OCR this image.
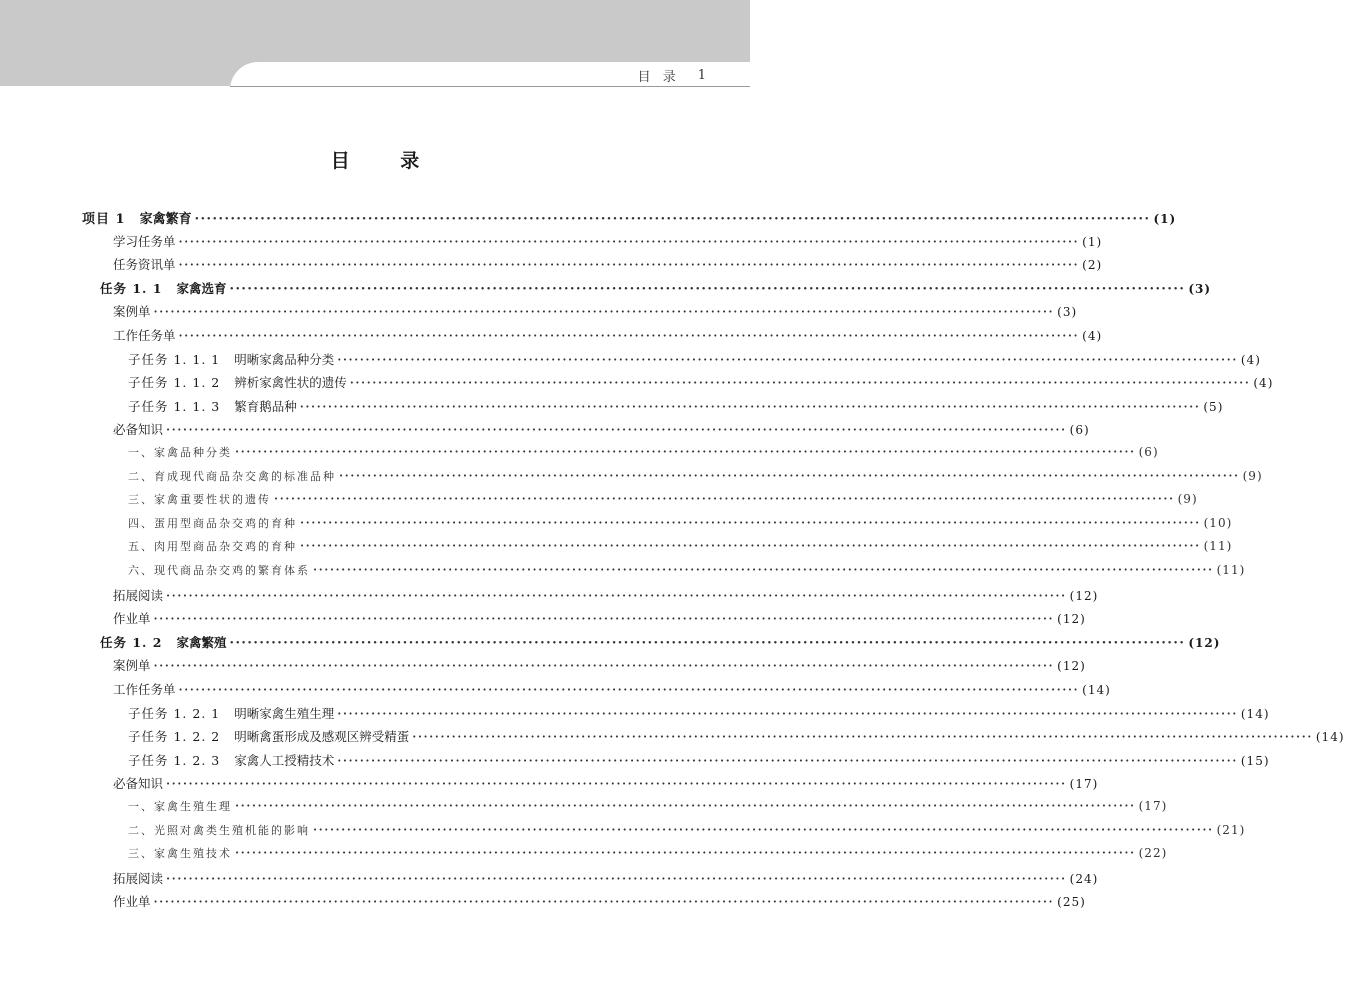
目 录 1
目 录
项目 1 家禽繁育 •••••••••••••••••••••••••••••••••••••••••••••••••••••••••••••••••••••••••••••••••••••••••••••••••••••••••••••••••••••••••••••••••••••••••••••••••••••••••••••••• (1)
学习任务单 •••••••••••••••••••••••••••••••••••••••••••••••••••••••••••••••••••••••••••••••••••••••••••••••••••••••••••••••••••••••••••••••••••••••••••••••••••••••••••••••• (1)
任务资讯单 •••••••••••••••••••••••••••••••••••••••••••••••••••••••••••••••••••••••••••••••••••••••••••••••••••••••••••••••••••••••••••••••••••••••••••••••••••••••••••••••• (2)
任务 1. 1 家禽选育 •••••••••••••••••••••••••••••••••••••••••••••••••••••••••••••••••••••••••••••••••••••••••••••••••••••••••••••••••••••••••••••••••••••••••••••••••••••••••••••••• (3)
案例单 •••••••••••••••••••••••••••••••••••••••••••••••••••••••••••••••••••••••••••••••••••••••••••••••••••••••••••••••••••••••••••••••••••••••••••••••••••••••••••••••• (3)
工作任务单 •••••••••••••••••••••••••••••••••••••••••••••••••••••••••••••••••••••••••••••••••••••••••••••••••••••••••••••••••••••••••••••••••••••••••••••••••••••••••••••••• (4)
子任务 1. 1. 1 明晰家禽品种分类 •••••••••••••••••••••••••••••••••••••••••••••••••••••••••••••••••••••••••••••••••••••••••••••••••••••••••••••••••••••••••••••••••••••••••••••••••••••••••••••••• (4)
子任务 1. 1. 2 辨析家禽性状的遗传 •••••••••••••••••••••••••••••••••••••••••••••••••••••••••••••••••••••••••••••••••••••••••••••••••••••••••••••••••••••••••••••••••••••••••••••••••••••••••••••••• (4)
子任务 1. 1. 3 繁育鹅品种 •••••••••••••••••••••••••••••••••••••••••••••••••••••••••••••••••••••••••••••••••••••••••••••••••••••••••••••••••••••••••••••••••••••••••••••••••••••••••••••••• (5)
必备知识 •••••••••••••••••••••••••••••••••••••••••••••••••••••••••••••••••••••••••••••••••••••••••••••••••••••••••••••••••••••••••••••••••••••••••••••••••••••••••••••••• (6)
一、家禽品种分类 •••••••••••••••••••••••••••••••••••••••••••••••••••••••••••••••••••••••••••••••••••••••••••••••••••••••••••••••••••••••••••••••••••••••••••••••••••••••••••••••• (6)
二、育成现代商品杂交禽的标准品种 •••••••••••••••••••••••••••••••••••••••••••••••••••••••••••••••••••••••••••••••••••••••••••••••••••••••••••••••••••••••••••••••••••••••••••••••••••••••••••••••• (9)
三、家禽重要性状的遗传 •••••••••••••••••••••••••••••••••••••••••••••••••••••••••••••••••••••••••••••••••••••••••••••••••••••••••••••••••••••••••••••••••••••••••••••••••••••••••••••••• (9)
四、蛋用型商品杂交鸡的育种 •••••••••••••••••••••••••••••••••••••••••••••••••••••••••••••••••••••••••••••••••••••••••••••••••••••••••••••••••••••••••••••••••••••••••••••••••••••••••••••••• (10)
五、肉用型商品杂交鸡的育种 •••••••••••••••••••••••••••••••••••••••••••••••••••••••••••••••••••••••••••••••••••••••••••••••••••••••••••••••••••••••••••••••••••••••••••••••••••••••••••••••• (11)
六、现代商品杂交鸡的繁育体系 •••••••••••••••••••••••••••••••••••••••••••••••••••••••••••••••••••••••••••••••••••••••••••••••••••••••••••••••••••••••••••••••••••••••••••••••••••••••••••••••• (11)
拓展阅读 •••••••••••••••••••••••••••••••••••••••••••••••••••••••••••••••••••••••••••••••••••••••••••••••••••••••••••••••••••••••••••••••••••••••••••••••••••••••••••••••• (12)
作业单 •••••••••••••••••••••••••••••••••••••••••••••••••••••••••••••••••••••••••••••••••••••••••••••••••••••••••••••••••••••••••••••••••••••••••••••••••••••••••••••••• (12)
任务 1. 2 家禽繁殖 •••••••••••••••••••••••••••••••••••••••••••••••••••••••••••••••••••••••••••••••••••••••••••••••••••••••••••••••••••••••••••••••••••••••••••••••••••••••••••••••• (12)
案例单 •••••••••••••••••••••••••••••••••••••••••••••••••••••••••••••••••••••••••••••••••••••••••••••••••••••••••••••••••••••••••••••••••••••••••••••••••••••••••••••••• (12)
工作任务单 •••••••••••••••••••••••••••••••••••••••••••••••••••••••••••••••••••••••••••••••••••••••••••••••••••••••••••••••••••••••••••••••••••••••••••••••••••••••••••••••• (14)
子任务 1. 2. 1 明晰家禽生殖生理 •••••••••••••••••••••••••••••••••••••••••••••••••••••••••••••••••••••••••••••••••••••••••••••••••••••••••••••••••••••••••••••••••••••••••••••••••••••••••••••••• (14)
子任务 1. 2. 2 明晰禽蛋形成及感观区辨受精蛋 •••••••••••••••••••••••••••••••••••••••••••••••••••••••••••••••••••••••••••••••••••••••••••••••••••••••••••••••••••••••••••••••••••••••••••••••••••••••••••••••• (14)
子任务 1. 2. 3 家禽人工授精技术 •••••••••••••••••••••••••••••••••••••••••••••••••••••••••••••••••••••••••••••••••••••••••••••••••••••••••••••••••••••••••••••••••••••••••••••••••••••••••••••••• (15)
必备知识 •••••••••••••••••••••••••••••••••••••••••••••••••••••••••••••••••••••••••••••••••••••••••••••••••••••••••••••••••••••••••••••••••••••••••••••••••••••••••••••••• (17)
一、家禽生殖生理 •••••••••••••••••••••••••••••••••••••••••••••••••••••••••••••••••••••••••••••••••••••••••••••••••••••••••••••••••••••••••••••••••••••••••••••••••••••••••••••••• (17)
二、光照对禽类生殖机能的影响 •••••••••••••••••••••••••••••••••••••••••••••••••••••••••••••••••••••••••••••••••••••••••••••••••••••••••••••••••••••••••••••••••••••••••••••••••••••••••••••••• (21)
三、家禽生殖技术 •••••••••••••••••••••••••••••••••••••••••••••••••••••••••••••••••••••••••••••••••••••••••••••••••••••••••••••••••••••••••••••••••••••••••••••••••••••••••••••••• (22)
拓展阅读 •••••••••••••••••••••••••••••••••••••••••••••••••••••••••••••••••••••••••••••••••••••••••••••••••••••••••••••••••••••••••••••••••••••••••••••••••••••••••••••••• (24)
作业单 •••••••••••••••••••••••••••••••••••••••••••••••••••••••••••••••••••••••••••••••••••••••••••••••••••••••••••••••••••••••••••••••••••••••••••••••••••••••••••••••• (25)
